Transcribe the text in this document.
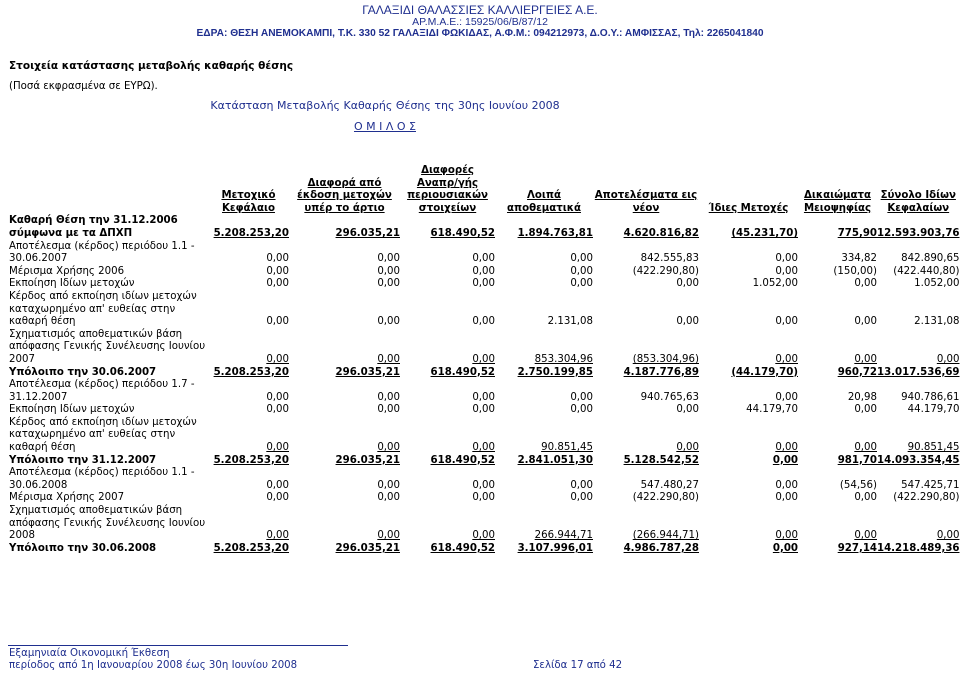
ΓΑΛΑΞΙΔΙ ΘΑΛΑΣΣΙΕΣ ΚΑΛΛΙΕΡΓΕΙΕΣ Α.Ε.
ΑΡ.Μ.Α.Ε.: 15925/06/Β/87/12
ΕΔΡΑ: ΘΕΣΗ ΑΝΕΜΟΚΑΜΠΙ, Τ.Κ. 330 52 ΓΑΛΑΞΙΔΙ ΦΩΚΙΔΑΣ, Α.Φ.Μ.: 094212973, Δ.Ο.Υ.: ΑΜΦΙΣΣΑΣ, Τηλ: 2265041840
Στοιχεία κατάστασης μεταβολής καθαρής θέσης
(Ποσά εκφρασμένα σε ΕΥΡΩ).
Κατάσταση Μεταβολής Καθαρής Θέσης της 30ης Ιουνίου 2008
Ο Μ Ι Λ Ο Σ
	Μετοχικό Κεφάλαιο	Διαφορά από έκδοση μετοχών υπέρ το άρτιο	Διαφορές Αναπρ/γής περιουσιακών στοιχείων	Λοιπά αποθεματικά	Αποτελέσματα εις νέον	Ίδιες Μετοχές	Δικαιώματα Μειοψηφίας	Σύνολο Ιδίων Κεφαλαίων
Καθαρή Θέση την 31.12.2006 σύμφωνα με τα ΔΠΧΠ	5.208.253,20	296.035,21	618.490,52	1.894.763,81	4.620.816,82	(45.231,70)	775,90	12.593.903,76
Αποτέλεσμα (κέρδος) περιόδου 1.1 - 30.06.2007	0,00	0,00	0,00	0,00	842.555,83	0,00	334,82	842.890,65
Μέρισμα Χρήσης 2006	0,00	0,00	0,00	0,00	(422.290,80)	0,00	(150,00)	(422.440,80)
Εκποίηση Ιδίων μετοχών	0,00	0,00	0,00	0,00	0,00	1.052,00	0,00	1.052,00
Κέρδος από εκποίηση ιδίων μετοχών καταχωρημένο απ' ευθείας στην καθαρή θέση	0,00	0,00	0,00	2.131,08	0,00	0,00	0,00	2.131,08
Σχηματισμός αποθεματικών βάση απόφασης Γενικής Συνέλευσης Ιουνίου 2007	0,00	0,00	0,00	853.304,96	(853.304,96)	0,00	0,00	0,00
Υπόλοιπο την 30.06.2007	5.208.253,20	296.035,21	618.490,52	2.750.199,85	4.187.776,89	(44.179,70)	960,72	13.017.536,69
Αποτέλεσμα (κέρδος) περιόδου 1.7 - 31.12.2007	0,00	0,00	0,00	0,00	940.765,63	0,00	20,98	940.786,61
Εκποίηση Ιδίων μετοχών	0,00	0,00	0,00	0,00	0,00	44.179,70	0,00	44.179,70
Κέρδος από εκποίηση ιδίων μετοχών καταχωρημένο απ' ευθείας στην καθαρή θέση	0,00	0,00	0,00	90.851,45	0,00	0,00	0,00	90.851,45
Υπόλοιπο την 31.12.2007	5.208.253,20	296.035,21	618.490,52	2.841.051,30	5.128.542,52	0,00	981,70	14.093.354,45
Αποτέλεσμα (κέρδος) περιόδου 1.1 - 30.06.2008	0,00	0,00	0,00	0,00	547.480,27	0,00	(54,56)	547.425,71
Μέρισμα Χρήσης 2007	0,00	0,00	0,00	0,00	(422.290,80)	0,00	0,00	(422.290,80)
Σχηματισμός αποθεματικών βάση απόφασης Γενικής Συνέλευσης Ιουνίου 2008	0,00	0,00	0,00	266.944,71	(266.944,71)	0,00	0,00	0,00
Υπόλοιπο την 30.06.2008	5.208.253,20	296.035,21	618.490,52	3.107.996,01	4.986.787,28	0,00	927,14	14.218.489,36
Εξαμηνιαία Οικονομική Έκθεση
περίοδος από 1η Ιανουαρίου 2008 έως 30η Ιουνίου 2008	Σελίδα 17 από 42
